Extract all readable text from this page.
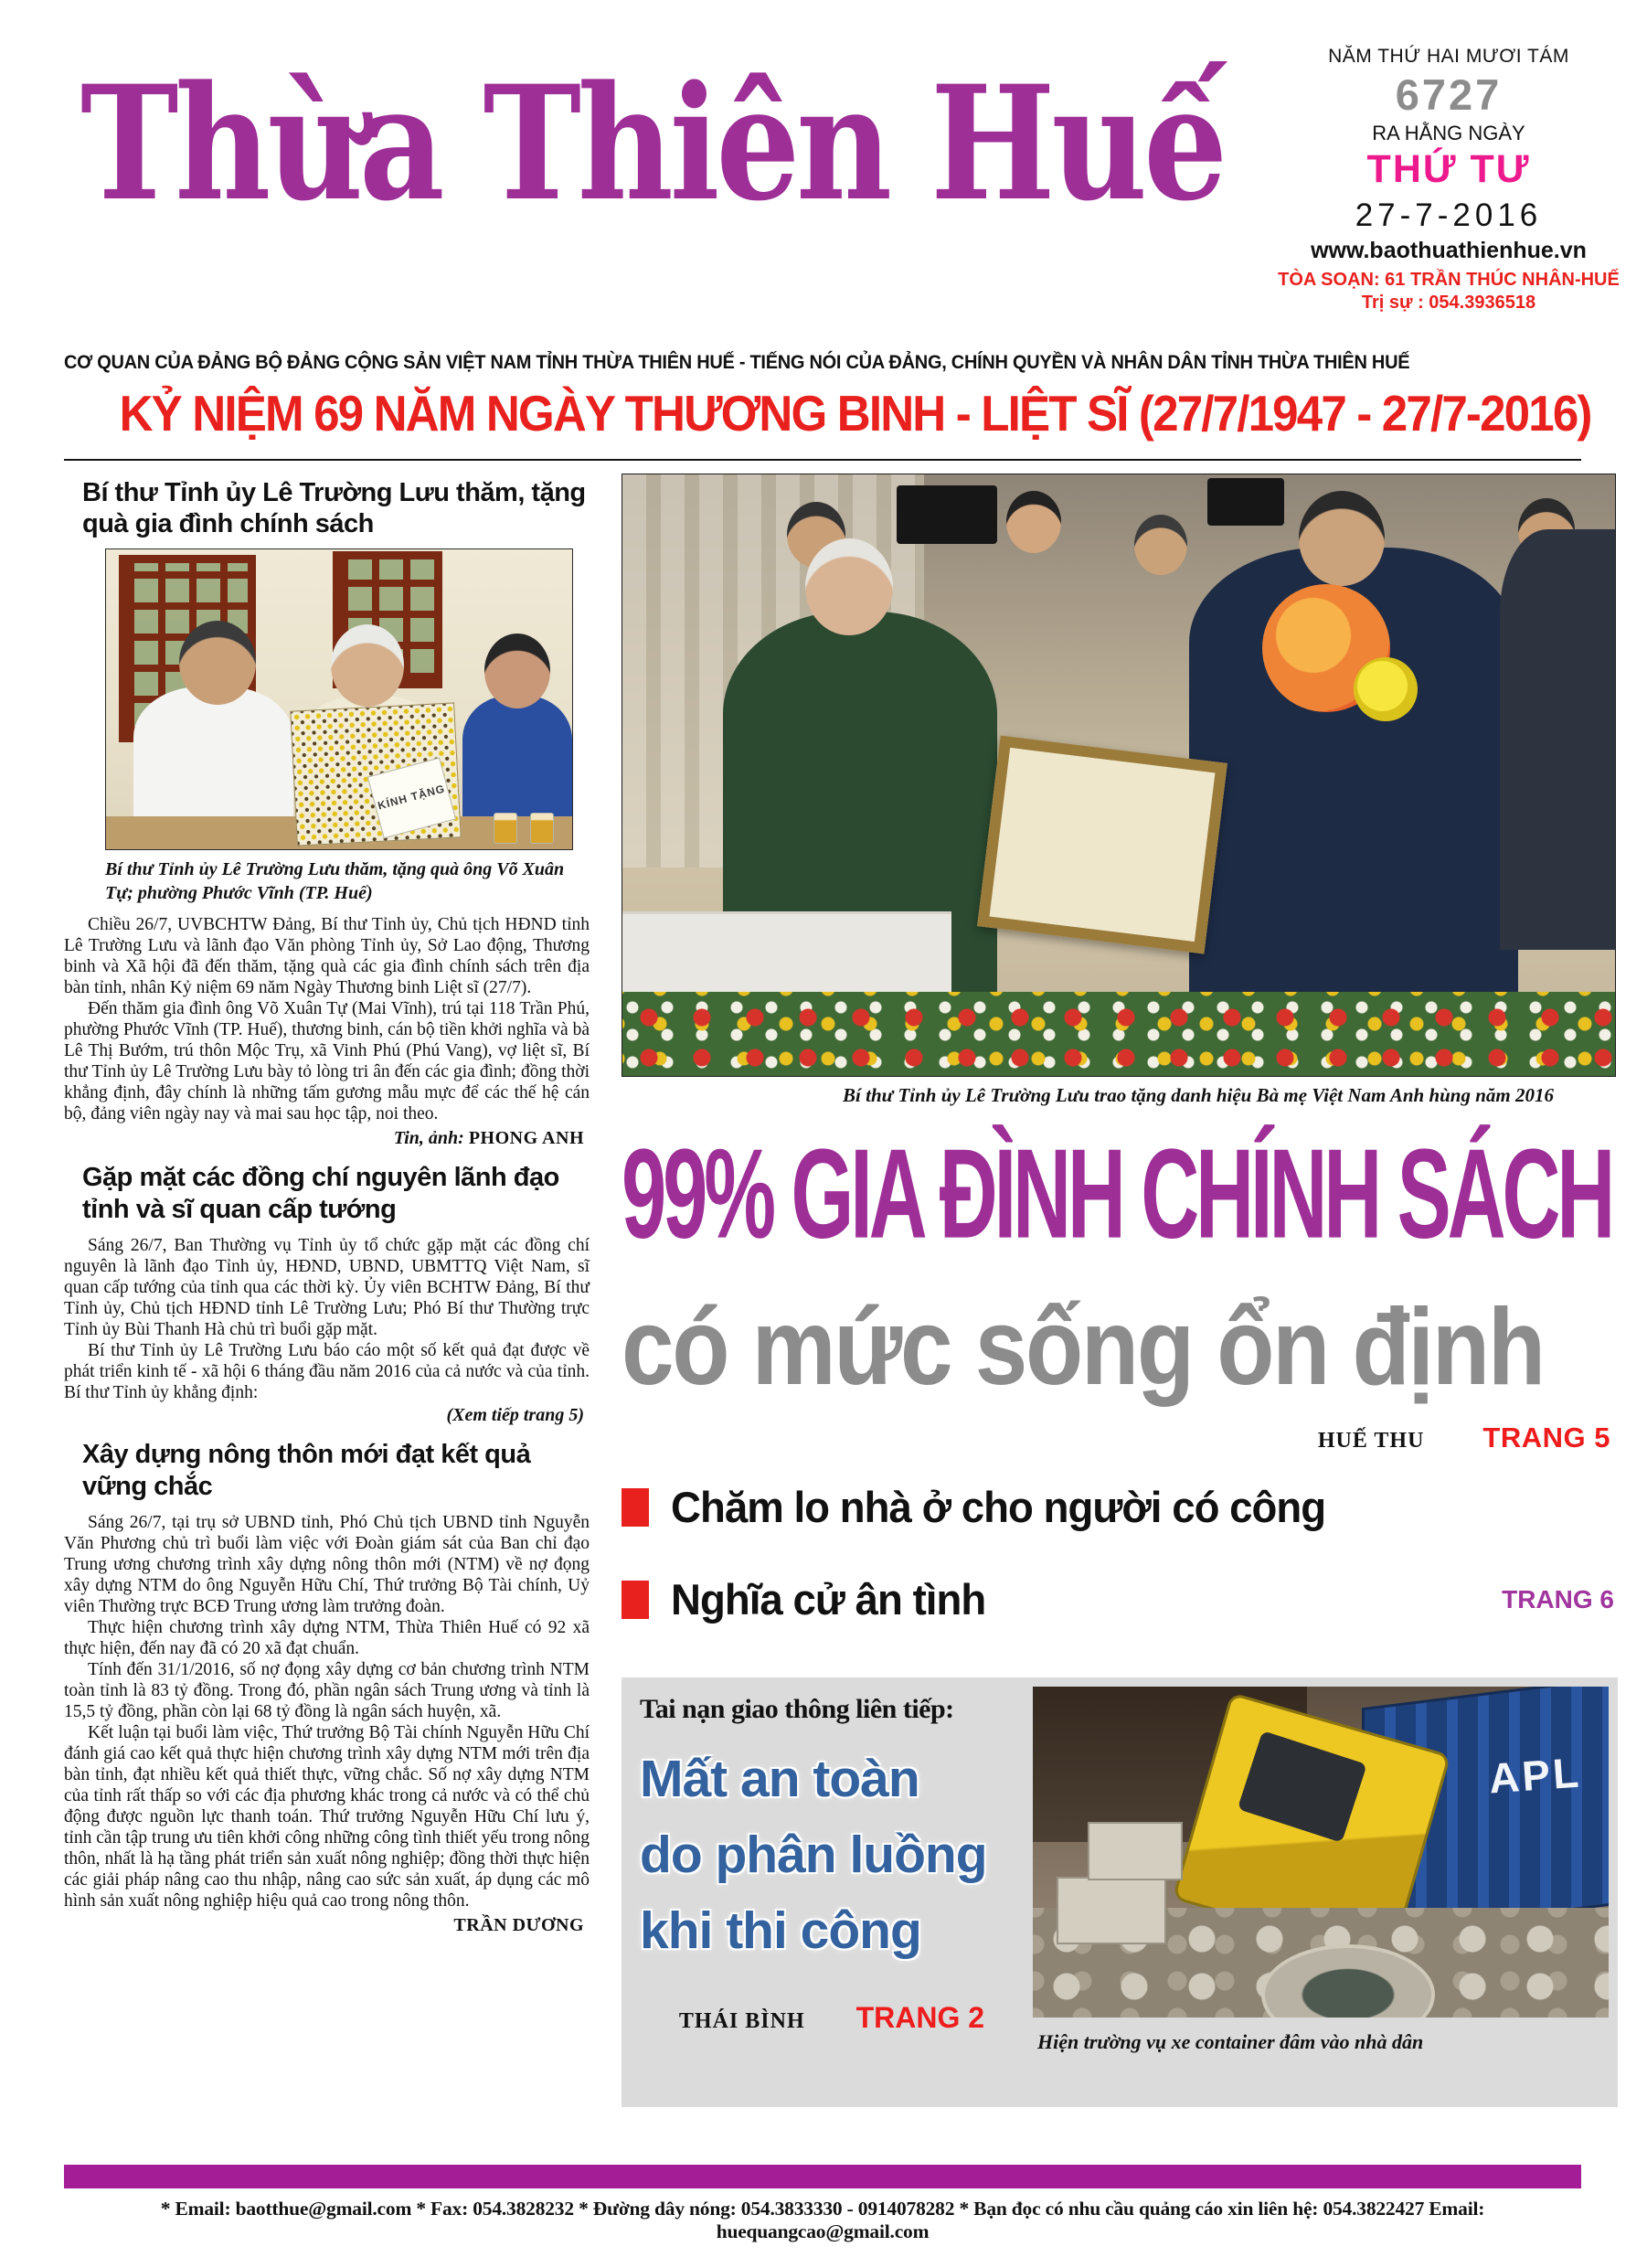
Thừa Thiên Huế	NĂM THỨ HAI MƯƠI TÁM
6727
RA HẰNG NGÀY
THỨ TƯ
27-7-2016
www.baothuathienhue.vn
TÒA SOẠN: 61 TRẦN THÚC NHÂN-HUẾ
Trị sự : 054.3936518
CƠ QUAN CỦA ĐẢNG BỘ ĐẢNG CỘNG SẢN VIỆT NAM TỈNH THỪA THIÊN HUẾ - TIẾNG NÓI CỦA ĐẢNG, CHÍNH QUYỀN VÀ NHÂN DÂN TỈNH THỪA THIÊN HUẾ
KỶ NIỆM 69 NĂM NGÀY THƯƠNG BINH - LIỆT SĨ (27/7/1947 - 27/7-2016)
Bí thư Tỉnh ủy Lê Trường Lưu thăm, tặng quà gia đình chính sách
KÍNH TẶNG
Bí thư Tỉnh ủy Lê Trường Lưu thăm, tặng quà ông Võ Xuân Tự; phường Phước Vĩnh (TP. Huế)

Chiều 26/7, UVBCHTW Đảng, Bí thư Tỉnh ủy, Chủ tịch HĐND tỉnh Lê Trường Lưu và lãnh đạo Văn phòng Tỉnh ủy, Sở Lao động, Thương binh và Xã hội đã đến thăm, tặng quà các gia đình chính sách trên địa bàn tỉnh, nhân Kỷ niệm 69 năm Ngày Thương binh Liệt sĩ (27/7).

Đến thăm gia đình ông Võ Xuân Tự (Mai Vĩnh), trú tại 118 Trần Phú, phường Phước Vĩnh (TP. Huế), thương binh, cán bộ tiền khởi nghĩa và bà Lê Thị Bướm, trú thôn Mộc Trụ, xã Vinh Phú (Phú Vang), vợ liệt sĩ, Bí thư Tỉnh ủy Lê Trường Lưu bày tỏ lòng tri ân đến các gia đình; đồng thời khẳng định, đây chính là những tấm gương mẫu mực để các thế hệ cán bộ, đảng viên ngày nay và mai sau học tập, noi theo.

Tin, ảnh: PHONG ANH
Gặp mặt các đồng chí nguyên lãnh đạo tỉnh và sĩ quan cấp tướng

Sáng 26/7, Ban Thường vụ Tỉnh ủy tổ chức gặp mặt các đồng chí nguyên là lãnh đạo Tỉnh ủy, HĐND, UBND, UBMTTQ Việt Nam, sĩ quan cấp tướng của tỉnh qua các thời kỳ. Ủy viên BCHTW Đảng, Bí thư Tỉnh ủy, Chủ tịch HĐND tỉnh Lê Trường Lưu; Phó Bí thư Thường trực Tỉnh ủy Bùi Thanh Hà chủ trì buổi gặp mặt.

Bí thư Tỉnh ủy Lê Trường Lưu báo cáo một số kết quả đạt được về phát triển kinh tế - xã hội 6 tháng đầu năm 2016 của cả nước và của tỉnh. Bí thư Tỉnh ủy khẳng định:

(Xem tiếp trang 5)
Xây dựng nông thôn mới đạt kết quả vững chắc

Sáng 26/7, tại trụ sở UBND tỉnh, Phó Chủ tịch UBND tỉnh Nguyễn Văn Phương chủ trì buổi làm việc với Đoàn giám sát của Ban chỉ đạo Trung ương chương trình xây dựng nông thôn mới (NTM) về nợ đọng xây dựng NTM do ông Nguyễn Hữu Chí, Thứ trưởng Bộ Tài chính, Uỷ viên Thường trực BCĐ Trung ương làm trưởng đoàn.

Thực hiện chương trình xây dựng NTM, Thừa Thiên Huế có 92 xã thực hiện, đến nay đã có 20 xã đạt chuẩn.

Tính đến 31/1/2016, số nợ đọng xây dựng cơ bản chương trình NTM toàn tỉnh là 83 tỷ đồng. Trong đó, phần ngân sách Trung ương và tỉnh là 15,5 tỷ đồng, phần còn lại 68 tỷ đồng là ngân sách huyện, xã.

Kết luận tại buổi làm việc, Thứ trưởng Bộ Tài chính Nguyễn Hữu Chí đánh giá cao kết quả thực hiện chương trình xây dựng NTM mới trên địa bàn tỉnh, đạt nhiều kết quả thiết thực, vững chắc. Số nợ xây dựng NTM của tỉnh rất thấp so với các địa phương khác trong cả nước và có thể chủ động được nguồn lực thanh toán. Thứ trưởng Nguyễn Hữu Chí lưu ý, tỉnh cần tập trung ưu tiên khởi công những công tình thiết yếu trong nông thôn, nhất là hạ tầng phát triển sản xuất nông nghiệp; đồng thời thực hiện các giải pháp nâng cao thu nhập, nâng cao sức sản xuất, áp dụng các mô hình sản xuất nông nghiệp hiệu quả cao trong nông thôn.

TRẦN DƯƠNG
Bí thư Tỉnh ủy Lê Trường Lưu trao tặng danh hiệu Bà mẹ Việt Nam Anh hùng năm 2016
99% GIA ĐÌNH CHÍNH SÁCH
có mức sống ổn định
HUẾ THU TRANG 5
Chăm lo nhà ở cho người có công
Nghĩa cử ân tình	TRANG 6
Tai nạn giao thông liên tiếp:
Mất an toàn
do phân luồng
khi thi công
THÁI BÌNH TRANG 2
APL
Hiện trường vụ xe container đâm vào nhà dân
* Email: baotthue@gmail.com * Fax: 054.3828232 * Đường dây nóng: 054.3833330 - 0914078282 * Bạn đọc có nhu cầu quảng cáo xin liên hệ: 054.3822427 Email: huequangcao@gmail.com
